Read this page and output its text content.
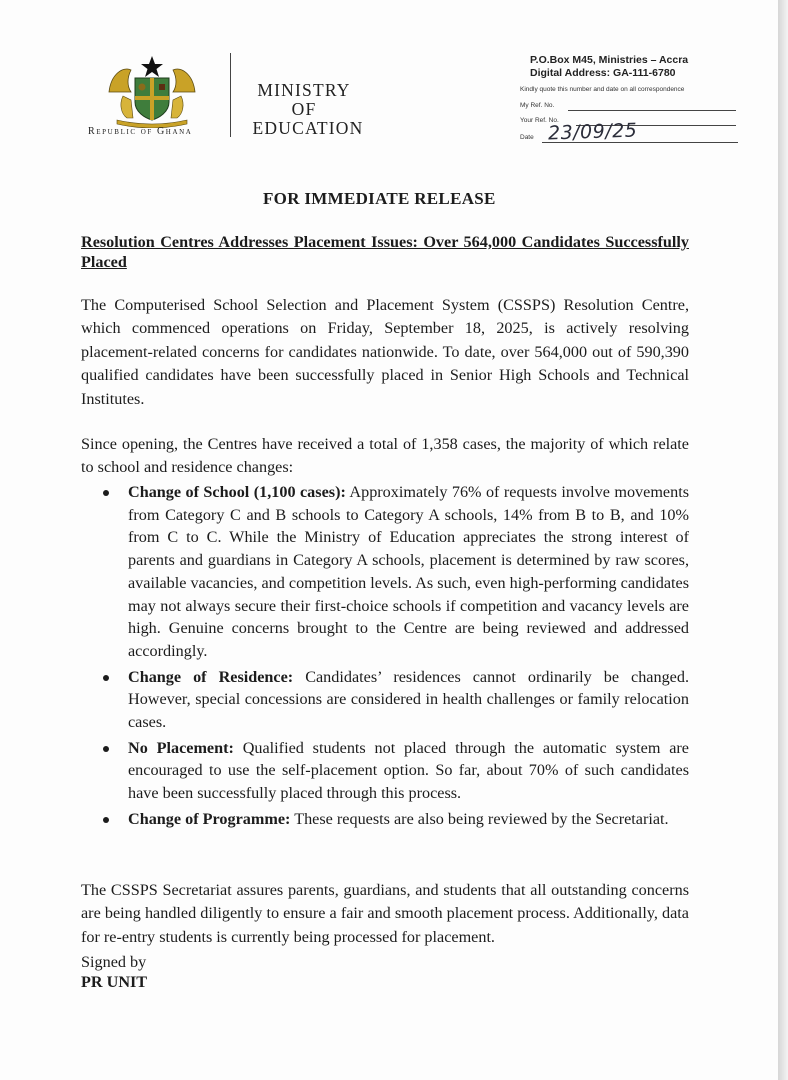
Republic of Ghana
MINISTRY
OF
EDUCATION
P.O.Box M45, Ministries – Accra
Digital Address: GA-111-6780
Kindly quote this number and date on all correspondence
My Ref. No.
Your Ref. No.
Date 23/09/25
FOR IMMEDIATE RELEASE
Resolution Centres Addresses Placement Issues: Over 564,000 Candidates Successfully Placed
The Computerised School Selection and Placement System (CSSPS) Resolution Centre, which commenced operations on Friday, September 18, 2025, is actively resolving placement-related concerns for candidates nationwide. To date, over 564,000 out of 590,390 qualified candidates have been successfully placed in Senior High Schools and Technical Institutes.
Since opening, the Centres have received a total of 1,358 cases, the majority of which relate to school and residence changes:
Change of School (1,100 cases): Approximately 76% of requests involve movements from Category C and B schools to Category A schools, 14% from B to B, and 10% from C to C. While the Ministry of Education appreciates the strong interest of parents and guardians in Category A schools, placement is determined by raw scores, available vacancies, and competition levels. As such, even high-performing candidates may not always secure their first-choice schools if competition and vacancy levels are high. Genuine concerns brought to the Centre are being reviewed and addressed accordingly.
Change of Residence: Candidates’ residences cannot ordinarily be changed. However, special concessions are considered in health challenges or family relocation cases.
No Placement: Qualified students not placed through the automatic system are encouraged to use the self-placement option. So far, about 70% of such candidates have been successfully placed through this process.
Change of Programme: These requests are also being reviewed by the Secretariat.
The CSSPS Secretariat assures parents, guardians, and students that all outstanding concerns are being handled diligently to ensure a fair and smooth placement process. Additionally, data for re-entry students is currently being processed for placement.
Signed by
PR UNIT
